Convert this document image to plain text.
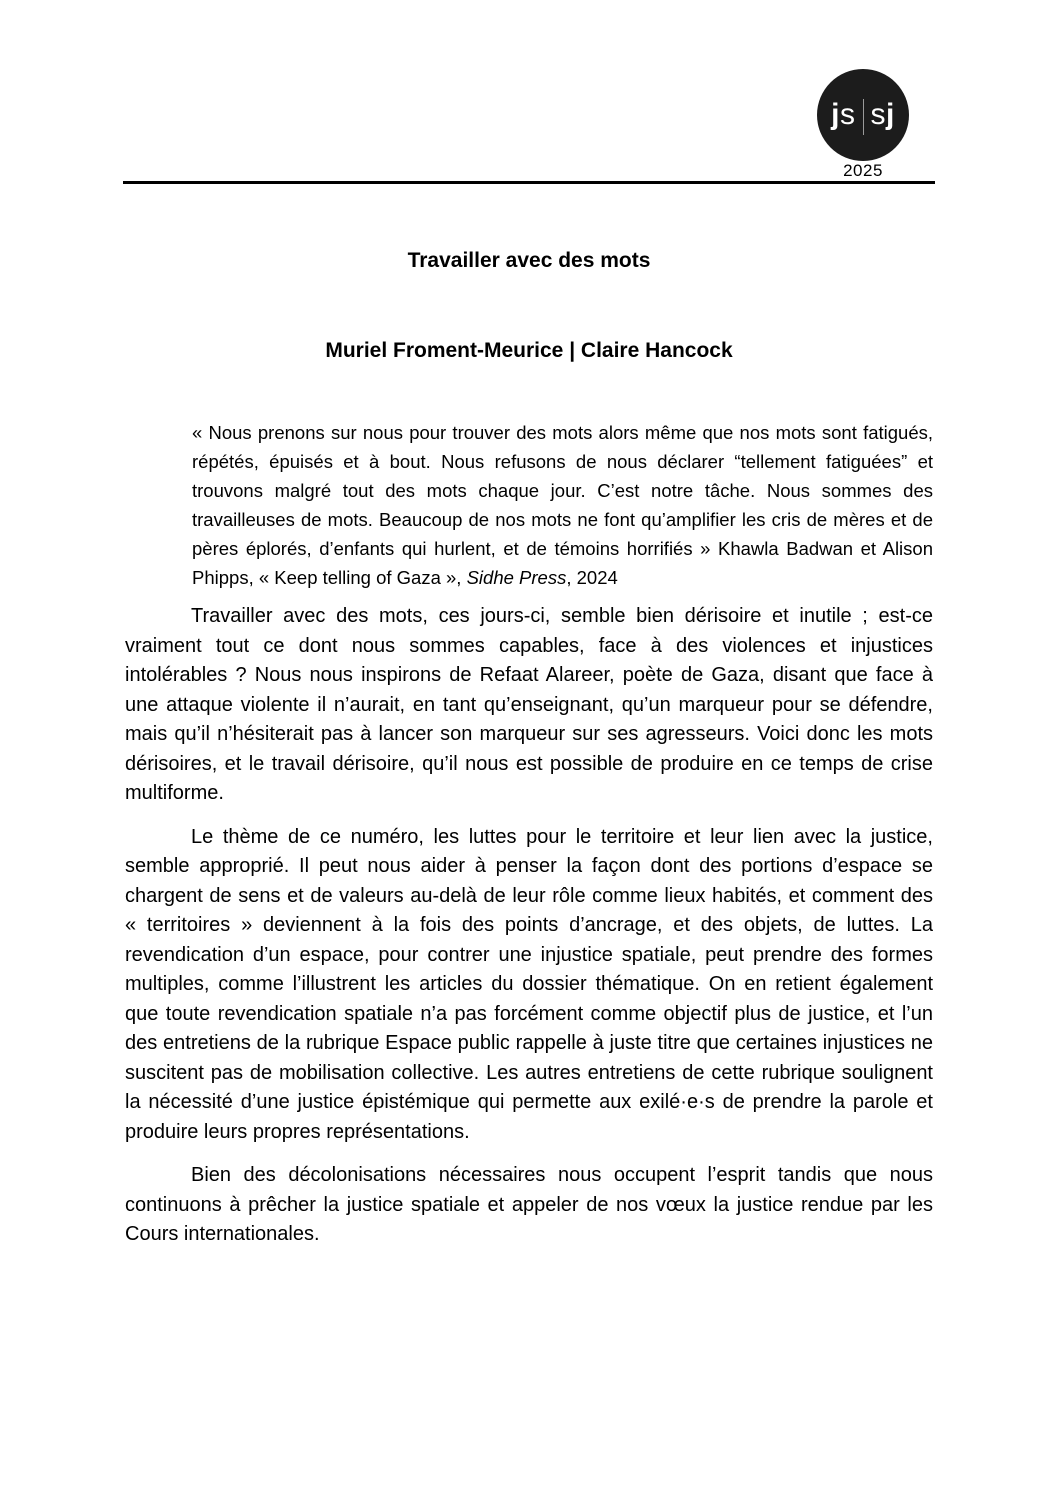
j s s j
2025
Travailler avec des mots
Muriel Froment-Meurice | Claire Hancock
« Nous prenons sur nous pour trouver des mots alors même que nos mots sont fatigués, répétés, épuisés et à bout. Nous refusons de nous déclarer “tellement fatiguées” et trouvons malgré tout des mots chaque jour. C’est notre tâche. Nous sommes des travailleuses de mots. Beaucoup de nos mots ne font qu’amplifier les cris de mères et de pères éplorés, d’enfants qui hurlent, et de témoins horrifiés » Khawla Badwan et Alison Phipps, « Keep telling of Gaza », Sidhe Press, 2024

Travailler avec des mots, ces jours-ci, semble bien dérisoire et inutile ; est-ce vraiment tout ce dont nous sommes capables, face à des violences et injustices intolérables ? Nous nous inspirons de Refaat Alareer, poète de Gaza, disant que face à une attaque violente il n’aurait, en tant qu’enseignant, qu’un marqueur pour se défendre, mais qu’il n’hésiterait pas à lancer son marqueur sur ses agresseurs. Voici donc les mots dérisoires, et le travail dérisoire, qu’il nous est possible de produire en ce temps de crise multiforme.

Le thème de ce numéro, les luttes pour le territoire et leur lien avec la justice, semble approprié. Il peut nous aider à penser la façon dont des portions d’espace se chargent de sens et de valeurs au-delà de leur rôle comme lieux habités, et comment des « territoires » deviennent à la fois des points d’ancrage, et des objets, de luttes. La revendication d’un espace, pour contrer une injustice spatiale, peut prendre des formes multiples, comme l’illustrent les articles du dossier thématique. On en retient également que toute revendication spatiale n’a pas forcément comme objectif plus de justice, et l’un des entretiens de la rubrique Espace public rappelle à juste titre que certaines injustices ne suscitent pas de mobilisation collective. Les autres entretiens de cette rubrique soulignent la nécessité d’une justice épistémique qui permette aux exilé·e·s de prendre la parole et produire leurs propres représentations.

Bien des décolonisations nécessaires nous occupent l’esprit tandis que nous continuons à prêcher la justice spatiale et appeler de nos vœux la justice rendue par les Cours internationales.
